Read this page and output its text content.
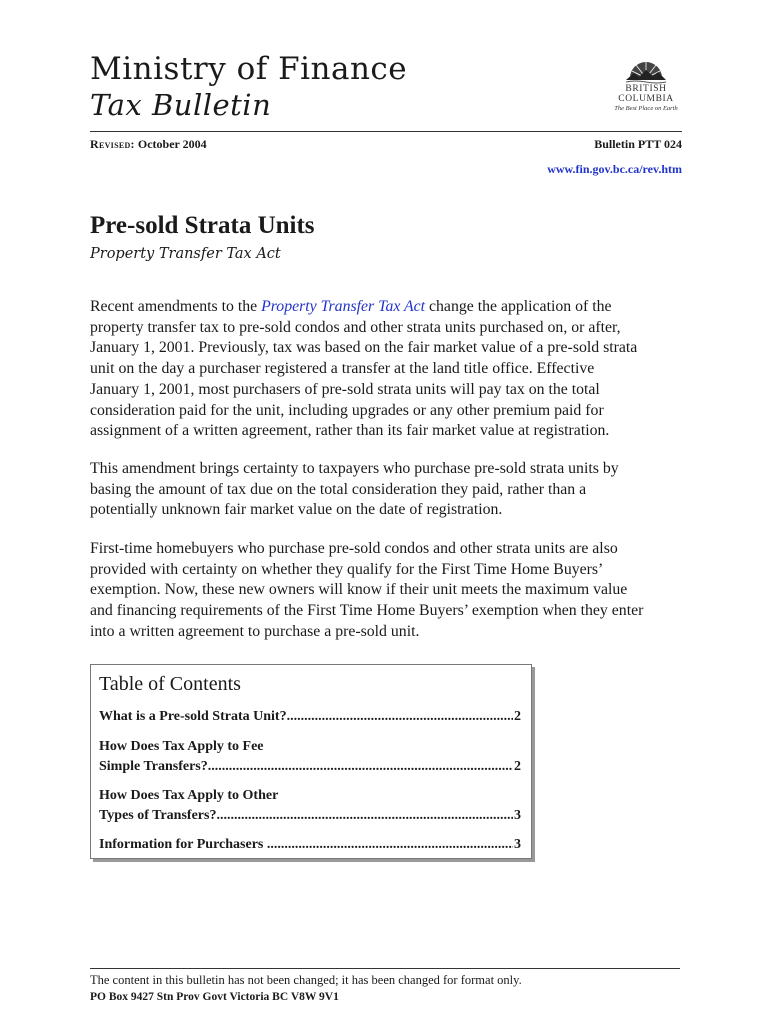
Ministry of Finance
Tax Bulletin	BRITISH
COLUMBIA
The Best Place on Earth
Revised: October 2004	Bulletin PTT 024
www.fin.gov.bc.ca/rev.htm
Pre-sold Strata Units
Property Transfer Tax Act
Recent amendments to the Property Transfer Tax Act change the application of the
property transfer tax to pre-sold condos and other strata units purchased on, or after,
January 1, 2001. Previously, tax was based on the fair market value of a pre-sold strata
unit on the day a purchaser registered a transfer at the land title office. Effective
January 1, 2001, most purchasers of pre-sold strata units will pay tax on the total
consideration paid for the unit, including upgrades or any other premium paid for
assignment of a written agreement, rather than its fair market value at registration.
This amendment brings certainty to taxpayers who purchase pre-sold strata units by
basing the amount of tax due on the total consideration they paid, rather than a
potentially unknown fair market value on the date of registration.
First-time homebuyers who purchase pre-sold condos and other strata units are also
provided with certainty on whether they qualify for the First Time Home Buyers’
exemption. Now, these new owners will know if their unit meets the maximum value
and financing requirements of the First Time Home Buyers’ exemption when they enter
into a written agreement to purchase a pre-sold unit.
Table of Contents
What is a Pre-sold Strata Unit? .....	2
How Does Tax Apply to Fee
Simple Transfers? .....	2
How Does Tax Apply to Other
Types of Transfers? .....	3
Information for Purchasers .....	3
The content in this bulletin has not been changed; it has been changed for format only.
PO Box 9427 Stn Prov Govt Victoria BC V8W 9V1
